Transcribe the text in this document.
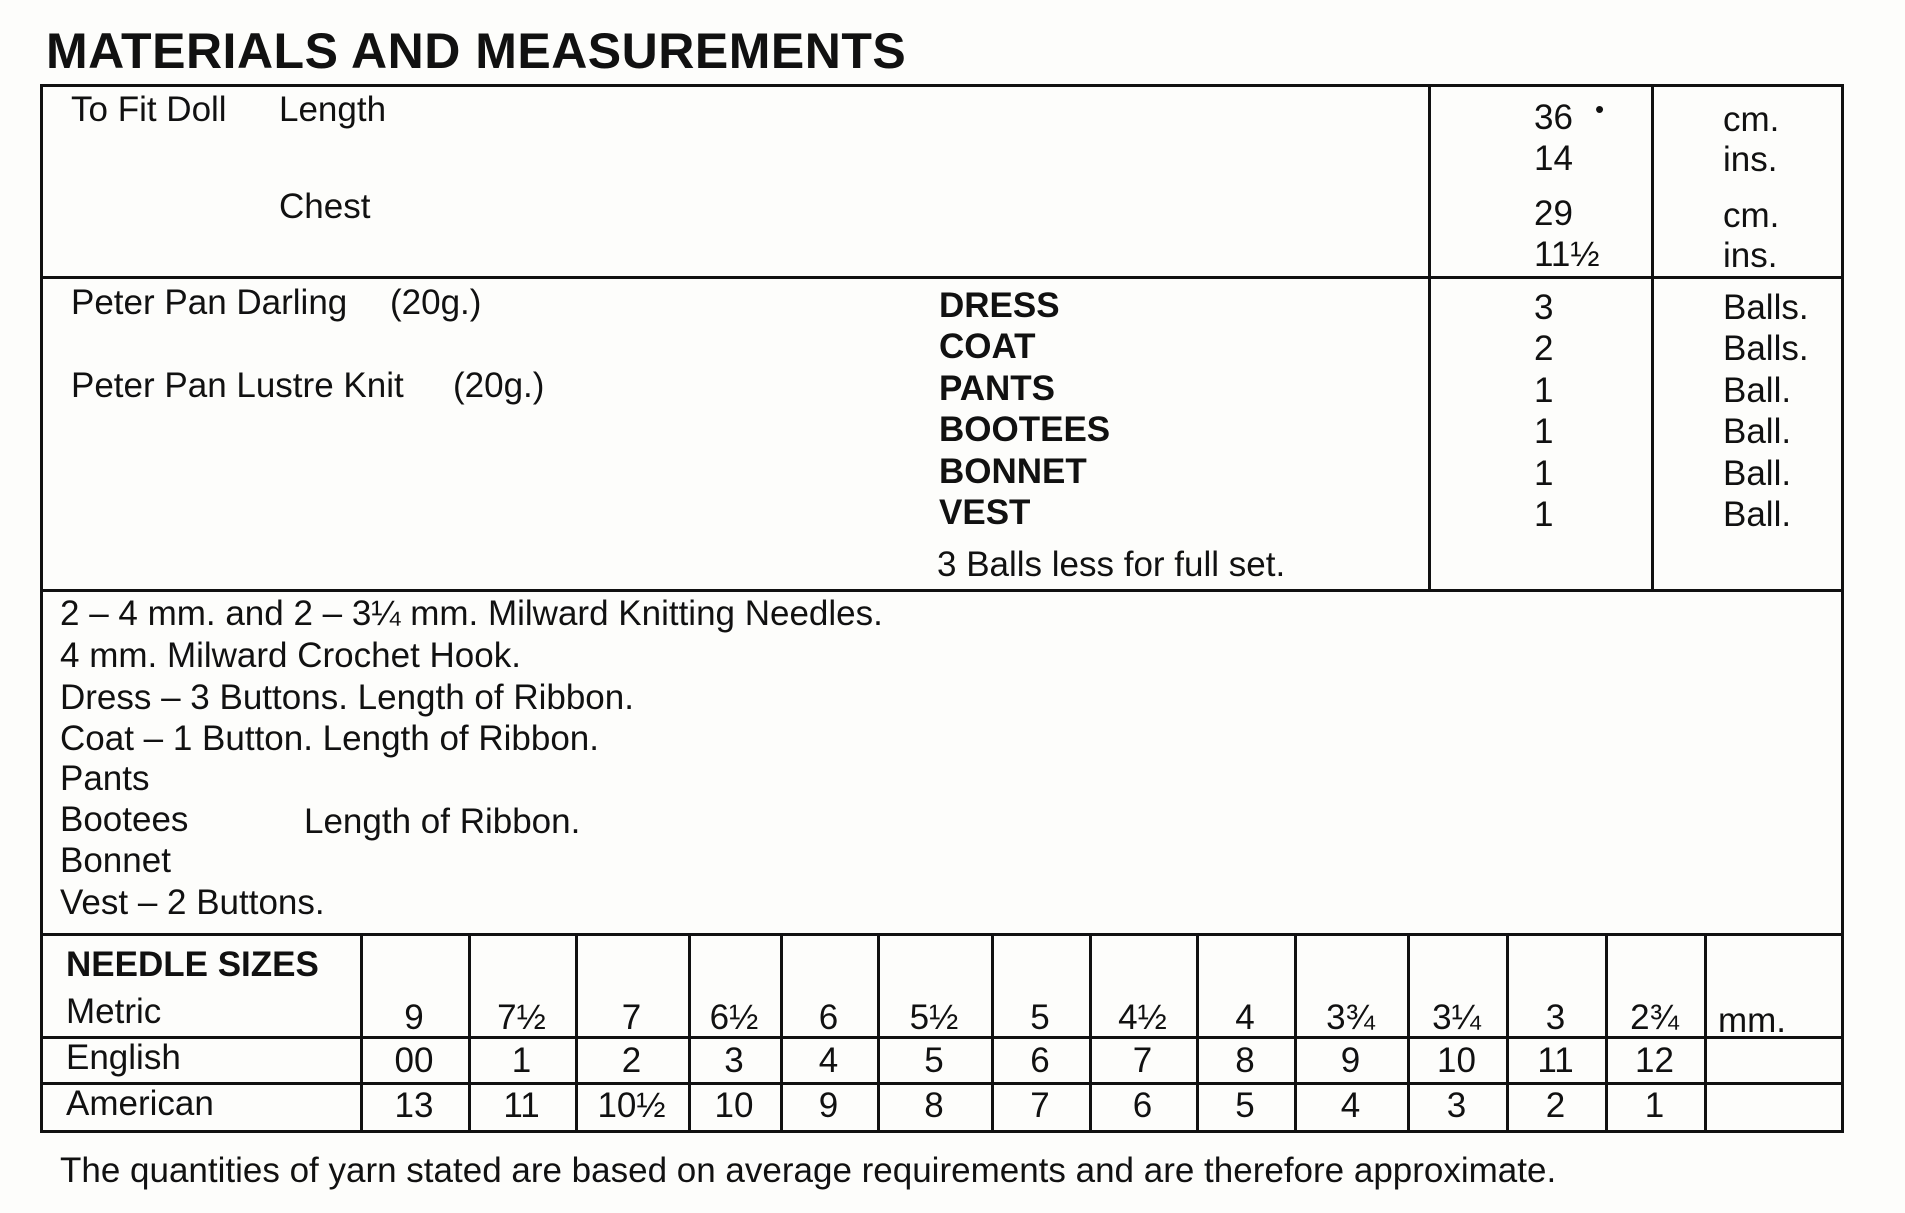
MATERIALS AND MEASUREMENTS
To Fit Doll Length
Chest
36 •
14
29
11½
cm.
ins.
cm.
ins.
Peter Pan Darling (20g.)
Peter Pan Lustre Knit (20g.)
DRESS
COAT
PANTS
BOOTEES
BONNET
VEST
3
2
1
1
1
1
Balls.
Balls.
Ball.
Ball.
Ball.
Ball.
3 Balls less for full set.
2 – 4 mm. and 2 – 3¼ mm. Milward Knitting Needles.
4 mm. Milward Crochet Hook.
Dress – 3 Buttons. Length of Ribbon.
Coat – 1 Button. Length of Ribbon.
Pants
Bootees	Length of Ribbon.
Bonnet
Vest – 2 Buttons.
NEEDLE SIZES
Metric
English
American
9 7½ 7 6½ 6 5½ 5 4½ 4 3¾ 3¼ 3 2¾
00 1	2 3 4 5 6 7 8 9 10 11 12
13 11 10½ 10 9 8 7 6 5 4 3 2 1
mm.
The quantities of yarn stated are based on average requirements and are therefore approximate.
